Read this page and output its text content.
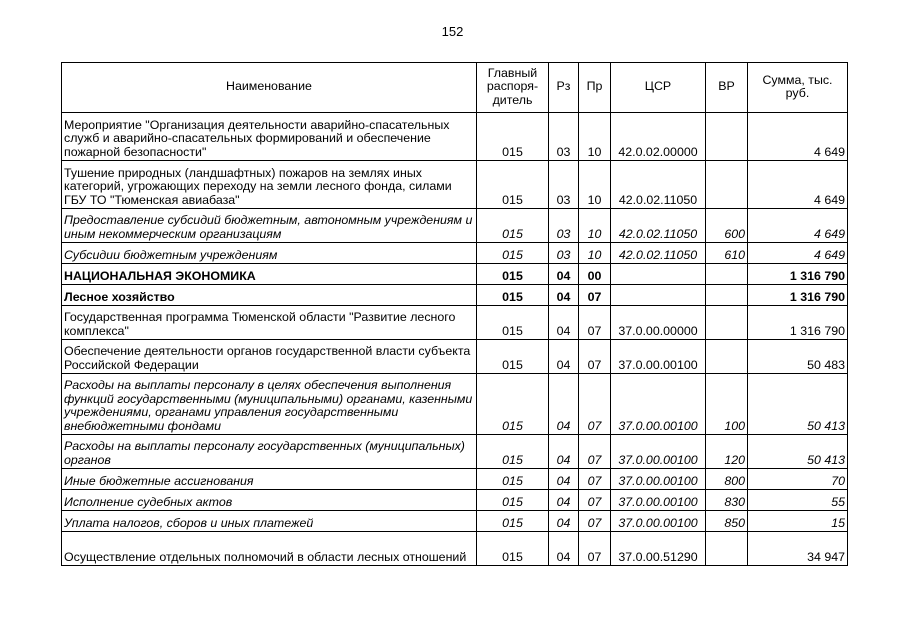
152
Наименование	Главный распоря-дитель	Рз	Пр	ЦСР	ВР	Сумма, тыс. руб.
Мероприятие "Организация деятельности аварийно-спасательных служб и аварийно-спасательных формирований и обеспечение пожарной безопасности"	015	03	10	42.0.02.00000		4 649
Тушение природных (ландшафтных) пожаров на землях иных категорий, угрожающих переходу на земли лесного фонда, силами ГБУ ТО "Тюменская авиабаза"	015	03	10	42.0.02.11050		4 649
Предоставление субсидий бюджетным, автономным учреждениям и иным некоммерческим организациям	015	03	10	42.0.02.11050	600	4 649
Субсидии бюджетным учреждениям	015	03	10	42.0.02.11050	610	4 649
НАЦИОНАЛЬНАЯ ЭКОНОМИКА	015	04	00			1 316 790
Лесное хозяйство	015	04	07			1 316 790
Государственная программа Тюменской области "Развитие лесного комплекса"	015	04	07	37.0.00.00000		1 316 790
Обеспечение деятельности органов государственной власти субъекта Российской Федерации	015	04	07	37.0.00.00100		50 483
Расходы на выплаты персоналу в целях обеспечения выполнения функций государственными (муниципальными) органами, казенными учреждениями, органами управления государственными внебюджетными фондами	015	04	07	37.0.00.00100	100	50 413
Расходы на выплаты персоналу государственных (муниципальных) органов	015	04	07	37.0.00.00100	120	50 413
Иные бюджетные ассигнования	015	04	07	37.0.00.00100	800	70
Исполнение судебных актов	015	04	07	37.0.00.00100	830	55
Уплата налогов, сборов и иных платежей	015	04	07	37.0.00.00100	850	15
Осуществление отдельных полномочий в области лесных отношений	015	04	07	37.0.00.51290		34 947
